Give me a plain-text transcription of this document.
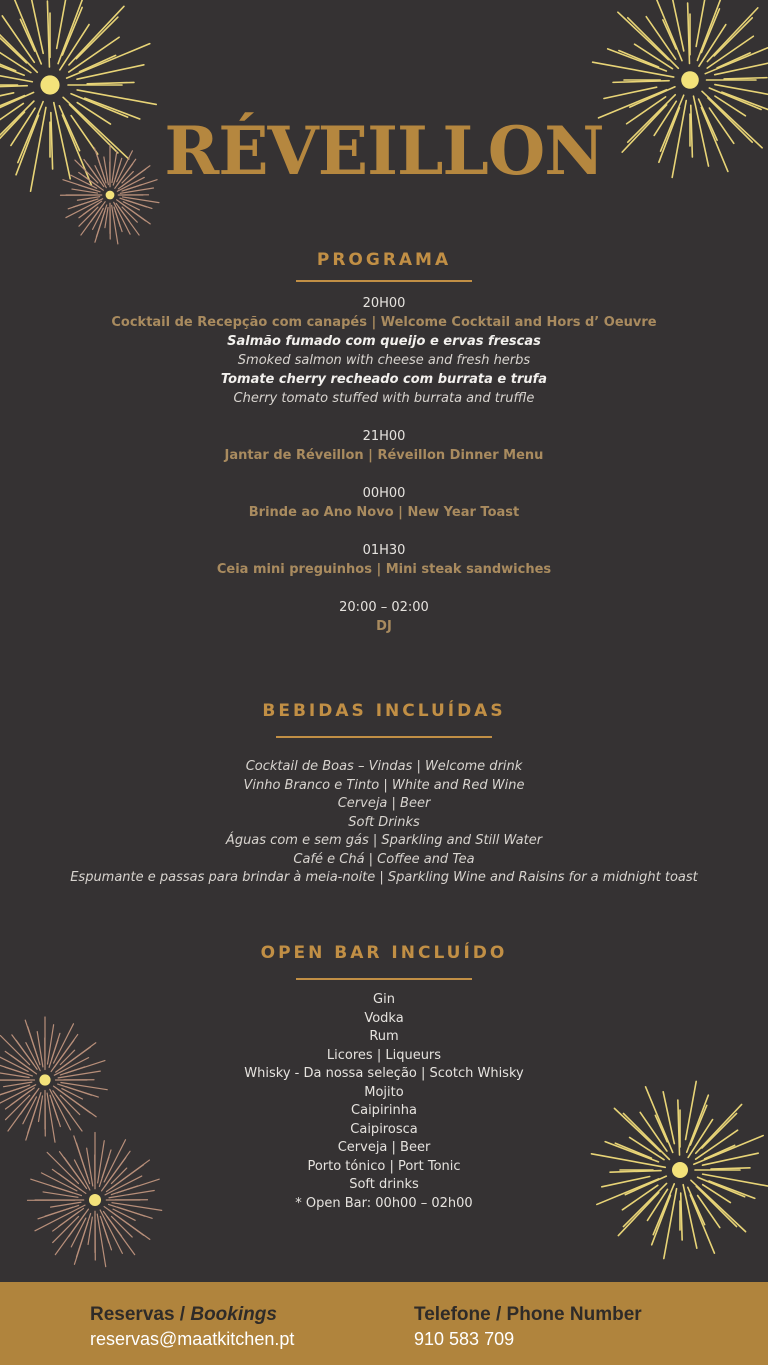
RÉVEILLON
PROGRAMA
20H00
Cocktail de Recepção com canapés | Welcome Cocktail and Hors d’ Oeuvre
Salmão fumado com queijo e ervas frescas
Smoked salmon with cheese and fresh herbs
Tomate cherry recheado com burrata e trufa
Cherry tomato stuffed with burrata and truffle
21H00
Jantar de Réveillon | Réveillon Dinner Menu
00H00
Brinde ao Ano Novo | New Year Toast
01H30
Ceia mini preguinhos | Mini steak sandwiches
20:00 – 02:00
DJ
BEBIDAS INCLUÍDAS
Cocktail de Boas – Vindas | Welcome drink
Vinho Branco e Tinto | White and Red Wine
Cerveja | Beer
Soft Drinks
Águas com e sem gás | Sparkling and Still Water
Café e Chá | Coffee and Tea
Espumante e passas para brindar à meia-noite | Sparkling Wine and Raisins for a midnight toast
OPEN BAR INCLUÍDO
Gin
Vodka
Rum
Licores | Liqueurs
Whisky - Da nossa seleção | Scotch Whisky
Mojito
Caipirinha
Caipirosca
Cerveja | Beer
Porto tónico | Port Tonic
Soft drinks
* Open Bar: 00h00 – 02h00
Reservas / Bookings
reservas@maatkitchen.pt
Telefone / Phone Number
910 583 709
